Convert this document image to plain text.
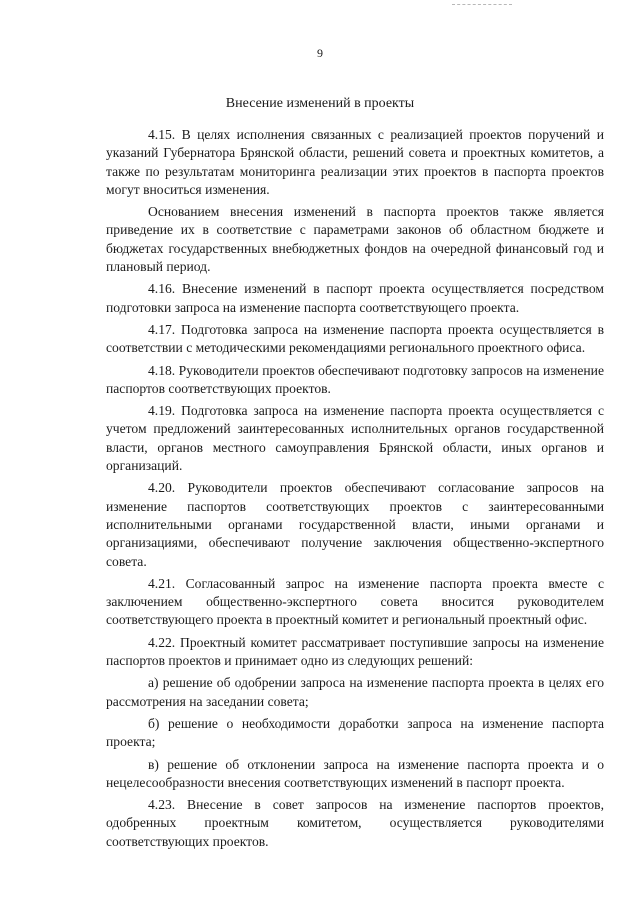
9
Внесение изменений в проекты

4.15. В целях исполнения связанных с реализацией проектов поручений и указаний Губернатора Брянской области, решений совета и проектных комитетов, а также по результатам мониторинга реализации этих проектов в паспорта проектов могут вноситься изменения.

Основанием внесения изменений в паспорта проектов также является приведение их в соответствие с параметрами законов об областном бюджете и бюджетах государственных внебюджетных фондов на очередной финансовый год и плановый период.

4.16. Внесение изменений в паспорт проекта осуществляется посредством подготовки запроса на изменение паспорта соответствующего проекта.

4.17. Подготовка запроса на изменение паспорта проекта осуществляется в соответствии с методическими рекомендациями регионального проектного офиса.

4.18. Руководители проектов обеспечивают подготовку запросов на изменение паспортов соответствующих проектов.

4.19. Подготовка запроса на изменение паспорта проекта осуществляется с учетом предложений заинтересованных исполнительных органов государственной власти, органов местного самоуправления Брянской области, иных органов и организаций.

4.20. Руководители проектов обеспечивают согласование запросов на изменение паспортов соответствующих проектов с заинтересованными исполнительными органами государственной власти, иными органами и организациями, обеспечивают получение заключения общественно-экспертного совета.

4.21. Согласованный запрос на изменение паспорта проекта вместе с заключением общественно-экспертного совета вносится руководителем соответствующего проекта в проектный комитет и региональный проектный офис.

4.22. Проектный комитет рассматривает поступившие запросы на изменение паспортов проектов и принимает одно из следующих решений:

а) решение об одобрении запроса на изменение паспорта проекта в целях его рассмотрения на заседании совета;

б) решение о необходимости доработки запроса на изменение паспорта проекта;

в) решение об отклонении запроса на изменение паспорта проекта и о нецелесообразности внесения соответствующих изменений в паспорт проекта.

4.23. Внесение в совет запросов на изменение паспортов проектов, одобренных проектным комитетом, осуществляется руководителями соответствующих проектов.
